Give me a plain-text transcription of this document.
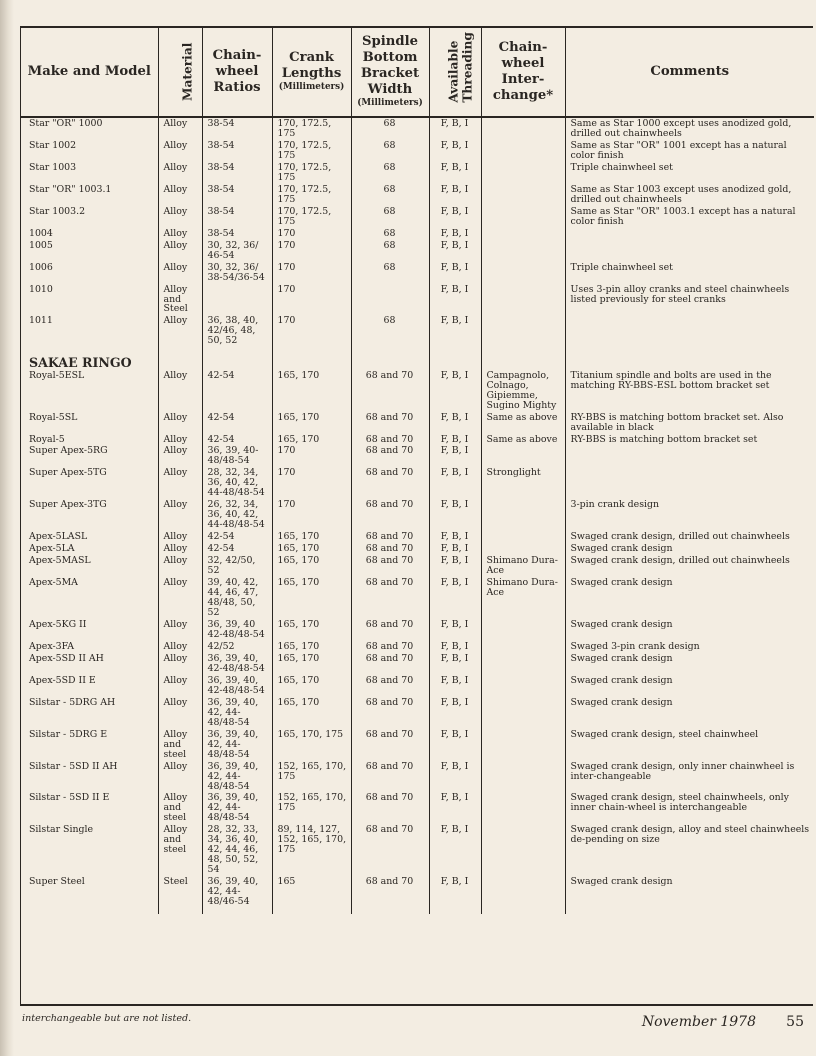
Make and Model	Material	Chain-wheel Ratios	Crank Lengths
(Millimeters)	Spindle Bottom Bracket Width
(Millimeters)	Available Threading	Chain-wheel Inter-change*	Comments
Star "OR" 1000	Alloy	38-54	170, 172.5, 175	68	F, B, I		Same as Star 1000 except uses anodized gold, drilled out chainwheels
Star 1002	Alloy	38-54	170, 172.5, 175	68	F, B, I		Same as Star "OR" 1001 except has a natural color finish
Star 1003	Alloy	38-54	170, 172.5, 175	68	F, B, I		Triple chainwheel set
Star "OR" 1003.1	Alloy	38-54	170, 172.5, 175	68	F, B, I		Same as Star 1003 except uses anodized gold, drilled out chainwheels
Star 1003.2	Alloy	38-54	170, 172.5, 175	68	F, B, I		Same as Star "OR" 1003.1 except has a natural color finish
1004	Alloy	38-54	170	68	F, B, I		
1005	Alloy	30, 32, 36/ 46-54	170	68	F, B, I		
1006	Alloy	30, 32, 36/ 38-54/36-54	170	68	F, B, I		Triple chainwheel set
1010	Alloy and Steel		170		F, B, I		Uses 3-pin alloy cranks and steel chainwheels listed previously for steel cranks
1011	Alloy	36, 38, 40, 42/46, 48, 50, 52	170	68	F, B, I		

SAKAE RINGO							
Royal-5ESL	Alloy	42-54	165, 170	68 and 70	F, B, I	Campagnolo, Colnago, Gipiemme, Sugino Mighty	Titanium spindle and bolts are used in the matching RY-BBS-ESL bottom bracket set
Royal-5SL	Alloy	42-54	165, 170	68 and 70	F, B, I	Same as above	RY-BBS is matching bottom bracket set. Also available in black
Royal-5	Alloy	42-54	165, 170	68 and 70	F, B, I	Same as above	RY-BBS is matching bottom bracket set
Super Apex-5RG	Alloy	36, 39, 40-48/48-54	170	68 and 70	F, B, I		
Super Apex-5TG	Alloy	28, 32, 34, 36, 40, 42, 44-48/48-54	170	68 and 70	F, B, I	Stronglight	
Super Apex-3TG	Alloy	26, 32, 34, 36, 40, 42, 44-48/48-54	170	68 and 70	F, B, I		3-pin crank design
Apex-5LASL	Alloy	42-54	165, 170	68 and 70	F, B, I		Swaged crank design, drilled out chainwheels
Apex-5LA	Alloy	42-54	165, 170	68 and 70	F, B, I		Swaged crank design
Apex-5MASL	Alloy	32, 42/50, 52	165, 170	68 and 70	F, B, I	Shimano Dura-Ace	Swaged crank design, drilled out chainwheels
Apex-5MA	Alloy	39, 40, 42, 44, 46, 47, 48/48, 50, 52	165, 170	68 and 70	F, B, I	Shimano Dura-Ace	Swaged crank design
Apex-5KG II	Alloy	36, 39, 40 42-48/48-54	165, 170	68 and 70	F, B, I		Swaged crank design
Apex-3FA	Alloy	42/52	165, 170	68 and 70	F, B, I		Swaged 3-pin crank design
Apex-5SD II AH	Alloy	36, 39, 40, 42-48/48-54	165, 170	68 and 70	F, B, I		Swaged crank design
Apex-5SD II E	Alloy	36, 39, 40, 42-48/48-54	165, 170	68 and 70	F, B, I		Swaged crank design
Silstar - 5DRG AH	Alloy	36, 39, 40, 42, 44-48/48-54	165, 170	68 and 70	F, B, I		Swaged crank design
Silstar - 5DRG E	Alloy and steel	36, 39, 40, 42, 44-48/48-54	165, 170, 175	68 and 70	F, B, I		Swaged crank design, steel chainwheel
Silstar - 5SD II AH	Alloy	36, 39, 40, 42, 44-48/48-54	152, 165, 170, 175	68 and 70	F, B, I		Swaged crank design, only inner chainwheel is inter-changeable
Silstar - 5SD II E	Alloy and steel	36, 39, 40, 42, 44-48/48-54	152, 165, 170, 175	68 and 70	F, B, I		Swaged crank design, steel chainwheels, only inner chain-wheel is interchangeable
Silstar Single	Alloy and steel	28, 32, 33, 34, 36, 40, 42, 44, 46, 48, 50, 52, 54	89, 114, 127, 152, 165, 170, 175	68 and 70	F, B, I		Swaged crank design, alloy and steel chainwheels de-pending on size
Super Steel	Steel	36, 39, 40, 42, 44-48/46-54	165	68 and 70	F, B, I		Swaged crank design

interchangeable but are not listed.	November 1978 55
